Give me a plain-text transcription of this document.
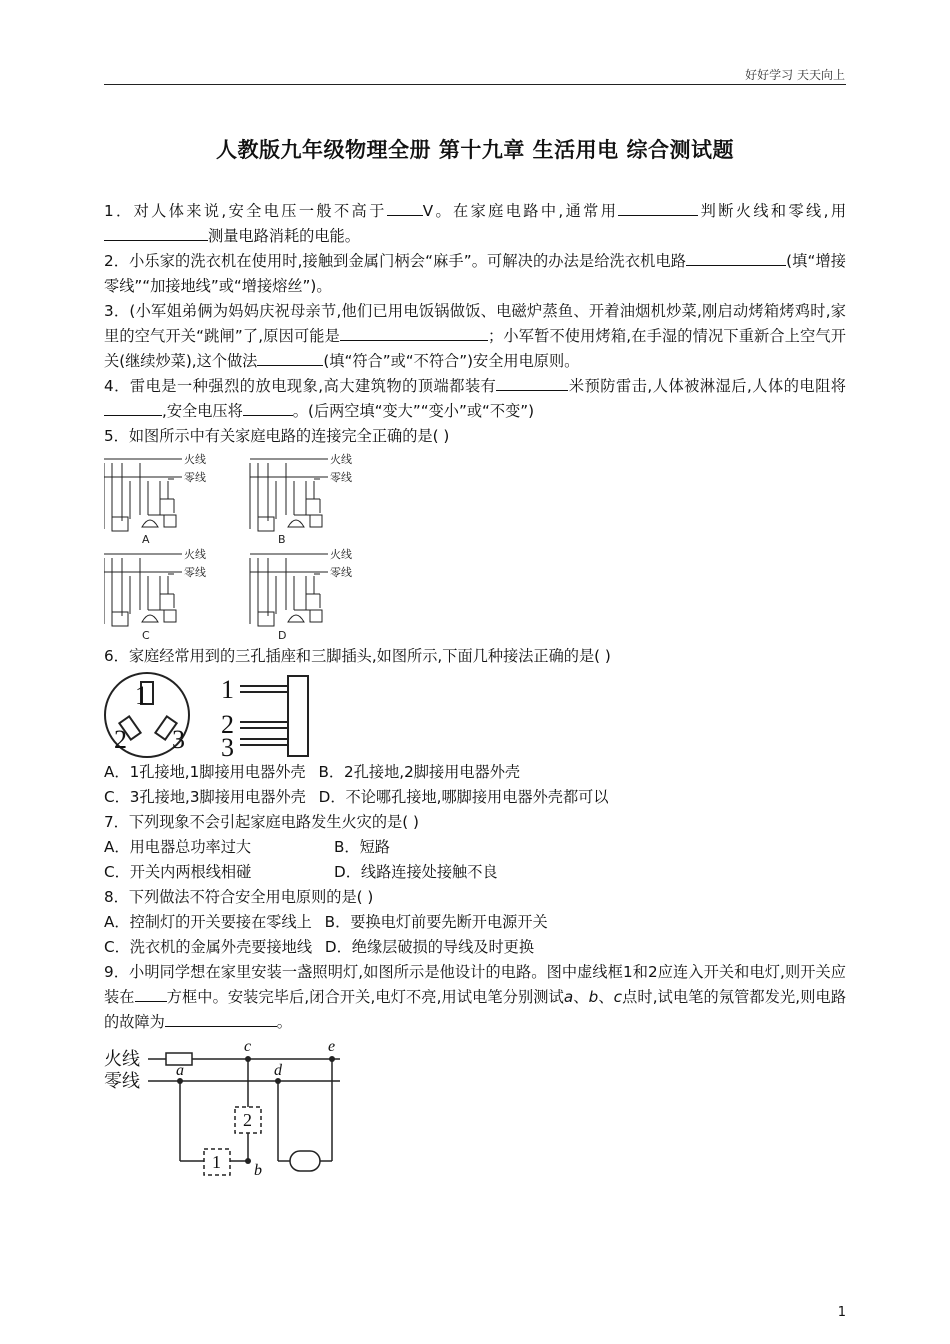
好好学习 天天向上
人教版九年级物理全册 第十九章 生活用电 综合测试题

1．对人体来说,安全电压一般不高于 V。在家庭电路中,通常用	判断火线和零线,用测量电路消耗的电能。

2．小乐家的洗衣机在使用时,接触到金属门柄会“麻手”。可解决的办法是给洗衣机电路	(填“增接零线”“加接地线”或“增接熔丝”)。

3．(小军姐弟俩为妈妈庆祝母亲节,他们已用电饭锅做饭、电磁炉蒸鱼、开着油烟机炒菜,刚启动烤箱烤鸡时,家里的空气开关“跳闸”了,原因可能是	；小军暂不使用烤箱,在手湿的情况下重新合上空气开关(继续炒菜),这个做法	(填“符合”或“不符合”)安全用电原则。

4．雷电是一种强烈的放电现象,高大建筑物的顶端都装有	米预防雷击,人体被淋湿后,人体的电阻将,安全电压将	。(后两空填“变大”“变小”或“不变”)

5．如图所示中有关家庭电路的连接完全正确的是( )

火线
零线
火线
零线
火线
零线
火线
零线
A	B
C	D

6．家庭经常用到的三孔插座和三脚插头,如图所示,下面几种接法正确的是( )

1
2 3
1
2
3

A．1孔接地,1脚接用电器外壳 B．2孔接地,2脚接用电器外壳

C．3孔接地,3脚接用电器外壳 D．不论哪孔接地,哪脚接用电器外壳都可以

7．下列现象不会引起家庭电路发生火灾的是( )

A．用电器总功率过大	B．短路

C．开关内两根线相碰	D．线路连接处接触不良

8．下列做法不符合安全用电原则的是( )

A．控制灯的开关要接在零线上 B．要换电灯前要先断开电源开关

C．洗衣机的金属外壳要接地线 D．绝缘层破损的导线及时更换

9．小明同学想在家里安装一盏照明灯,如图所示是他设计的电路。图中虚线框1和2应连入开关和电灯,则开关应装在 方框中。安装完毕后,闭合开关,电灯不亮,用试电笔分别测试a、b、c点时,试电笔的氖管都发光,则电路的故障为	。

火线
零线
a
b
c
d
e
1
2
1
